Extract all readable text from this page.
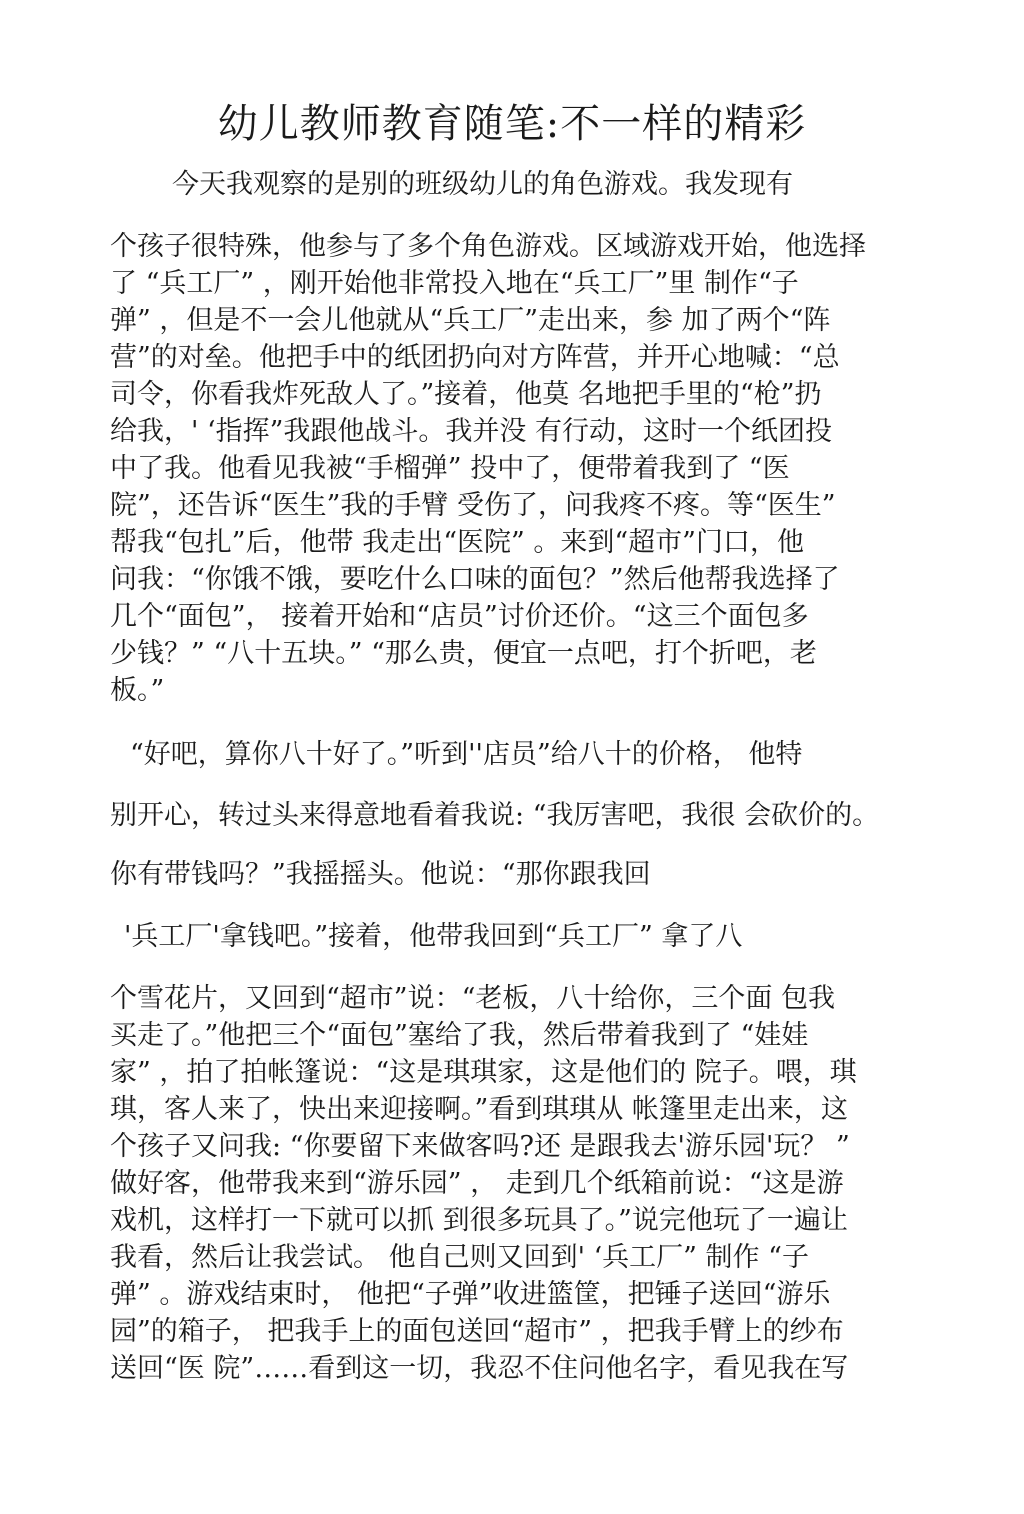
幼儿教师教育随笔:不一样的精彩

今天我观察的是别的班级幼儿的角色游戏。我发现有

个孩子很特殊，他参与了多个角色游戏。区域游戏开始，他选择

了 “兵工厂” ，刚开始他非常投入地在“兵工厂”里 制作“子

弹” ，但是不一会儿他就从“兵工厂”走出来，参 加了两个“阵

营”的对垒。他把手中的纸团扔向对方阵营，并开心地喊：“总

司令，你看我炸死敌人了。”接着，他莫 名地把手里的“枪”扔

给我，' ‘指挥”我跟他战斗。我并没 有行动，这时一个纸团投

中了我。他看见我被“手榴弹” 投中了，便带着我到了 “医

院”，还告诉“医生”我的手臂 受伤了，问我疼不疼。等“医生”

帮我“包扎”后，他带 我走出“医院” 。来到“超市”门口，他

问我：“你饿不饿，要吃什么口味的面包？”然后他帮我选择了

几个“面包”， 接着开始和“店员”讨价还价。“这三个面包多

少钱？” “八十五块。” “那么贵，便宜一点吧，打个折吧，老

板。”

“好吧，算你八十好了。”听到''店员”给八十的价格， 他特

别开心，转过头来得意地看着我说: “我厉害吧，我很 会砍价的。

你有带钱吗？”我摇摇头。他说：“那你跟我回

'兵工厂'拿钱吧。”接着，他带我回到“兵工厂” 拿了八

个雪花片，又回到“超市”说：“老板，八十给你，三个面 包我

买走了。”他把三个“面包”塞给了我，然后带着我到了 “娃娃

家” ，拍了拍帐篷说：“这是琪琪家，这是他们的 院子。喂，琪

琪，客人来了，快出来迎接啊。”看到琪琪从 帐篷里走出来，这

个孩子又问我: “你要留下来做客吗?还 是跟我去'游乐园'玩？ ”

做好客，他带我来到“游乐园” ， 走到几个纸箱前说：“这是游

戏机，这样打一下就可以抓 到很多玩具了。”说完他玩了一遍让

我看，然后让我尝试。 他自己则又回到' ‘兵工厂” 制作 “子

弹” 。游戏结束时， 他把“子弹”收进篮筐，把锤子送回“游乐

园”的箱子， 把我手上的面包送回“超市” ，把我手臂上的纱布

送回“医 院”……看到这一切，我忍不住问他名字，看见我在写
